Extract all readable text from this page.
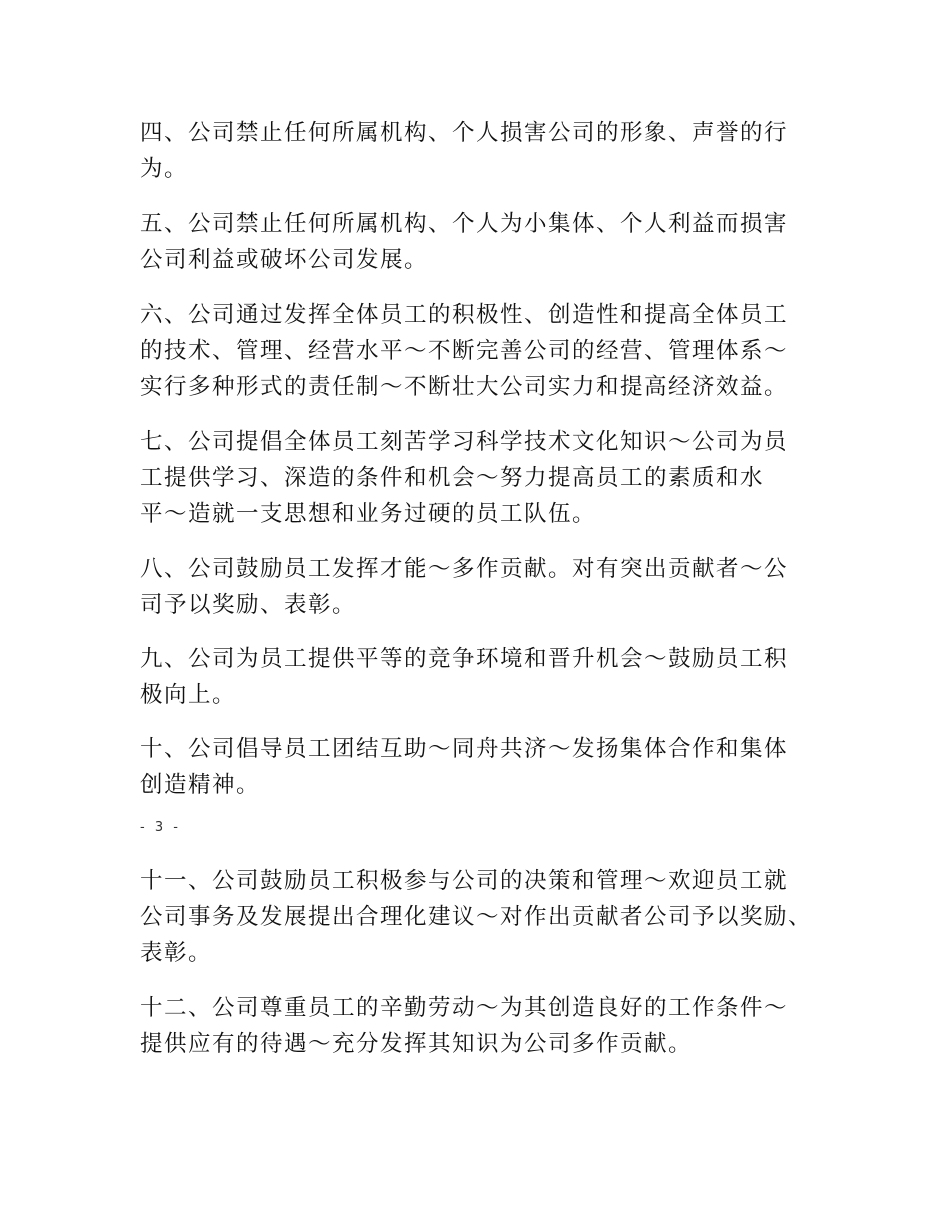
四、公司禁止任何所属机构、个人损害公司的形象、声誉的行
为。

五、公司禁止任何所属机构、个人为小集体、个人利益而损害
公司利益或破坏公司发展。

六、公司通过发挥全体员工的积极性、创造性和提高全体员工
的技术、管理、经营水平～不断完善公司的经营、管理体系～
实行多种形式的责任制～不断壮大公司实力和提高经济效益。

七、公司提倡全体员工刻苦学习科学技术文化知识～公司为员
工提供学习、深造的条件和机会～努力提高员工的素质和水
平～造就一支思想和业务过硬的员工队伍。

八、公司鼓励员工发挥才能～多作贡献。对有突出贡献者～公
司予以奖励、表彰。

九、公司为员工提供平等的竞争环境和晋升机会～鼓励员工积
极向上。

十、公司倡导员工团结互助～同舟共济～发扬集体合作和集体
创造精神。

- 3 -

十一、公司鼓励员工积极参与公司的决策和管理～欢迎员工就
公司事务及发展提出合理化建议～对作出贡献者公司予以奖励、
表彰。

十二、公司尊重员工的辛勤劳动～为其创造良好的工作条件～
提供应有的待遇～充分发挥其知识为公司多作贡献。
